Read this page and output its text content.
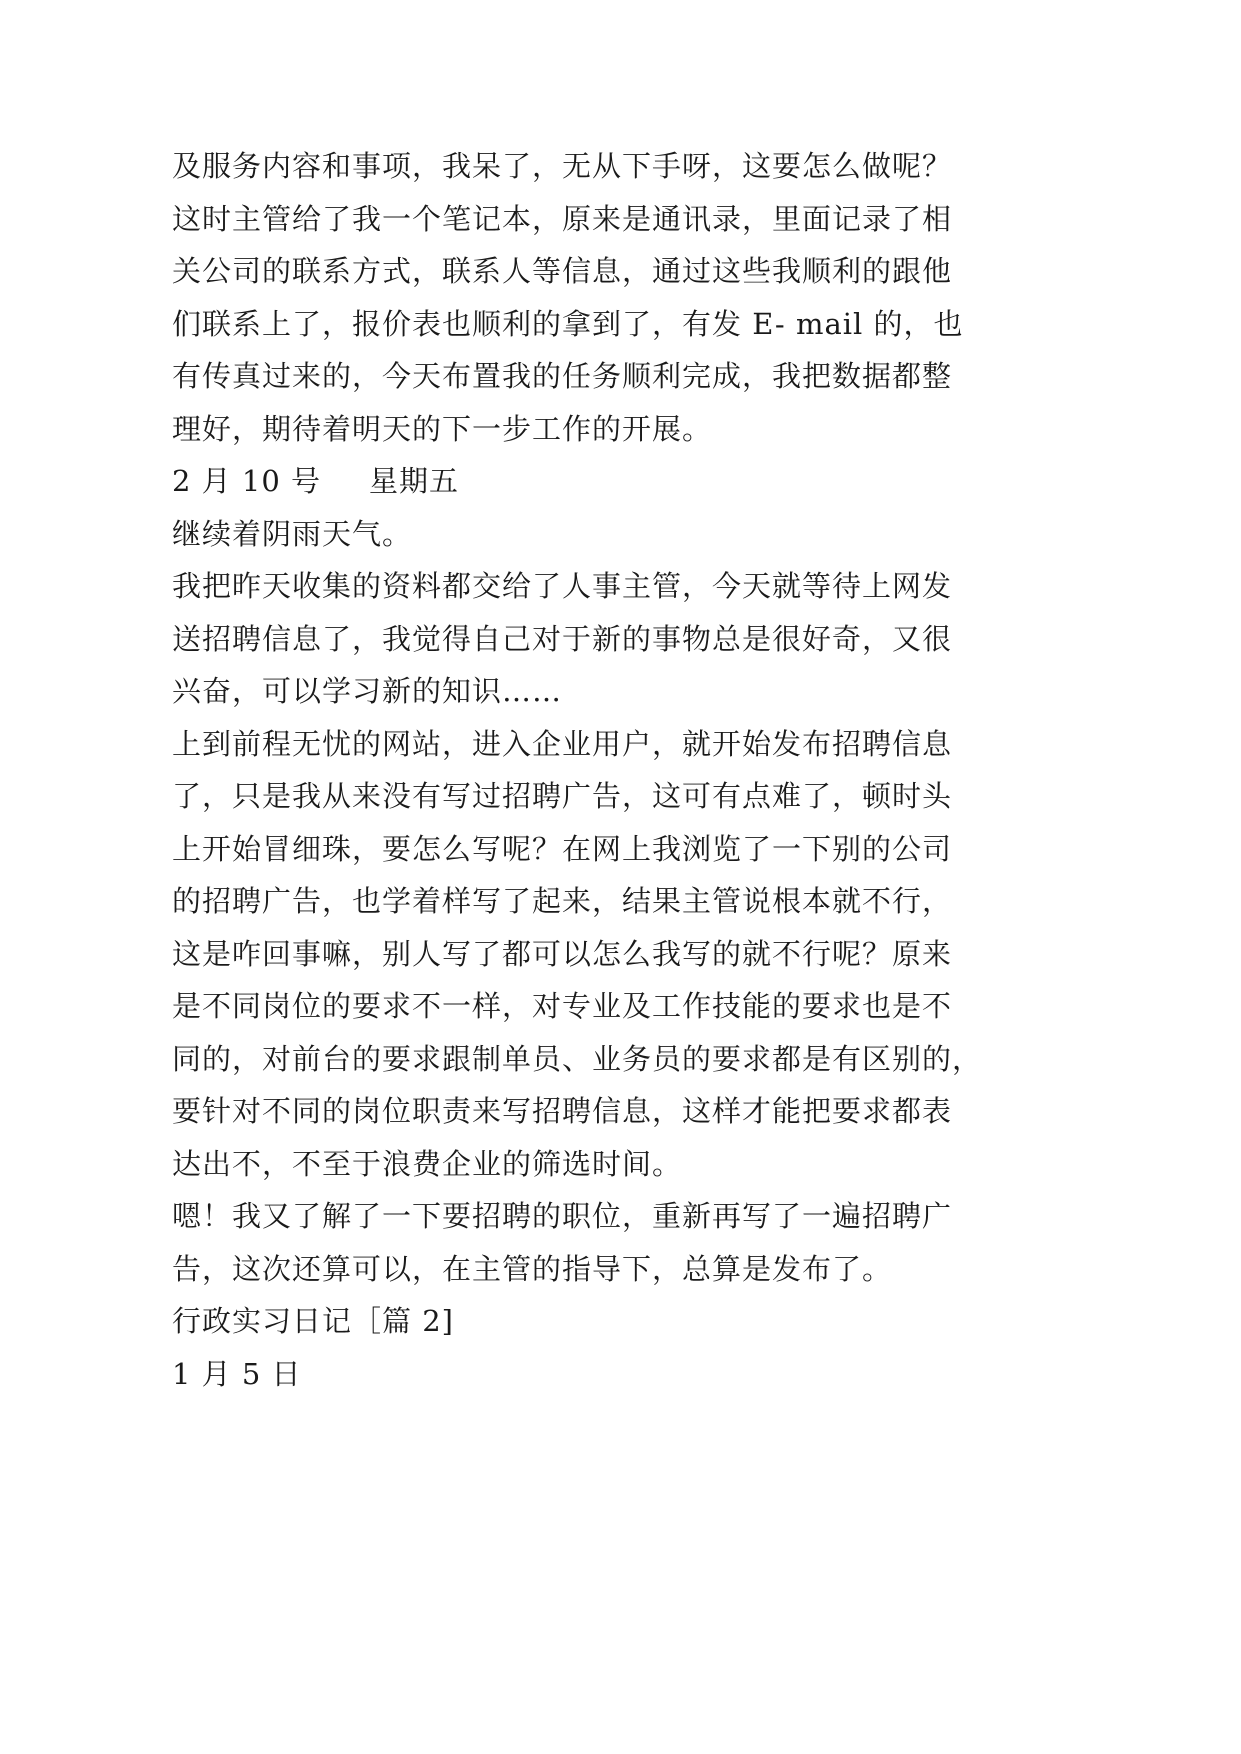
及服务内容和事项，我呆了，无从下手呀，这要怎么做呢？
这时主管给了我一个笔记本，原来是通讯录，里面记录了相
关公司的联系方式，联系人等信息，通过这些我顺利的跟他
们联系上了，报价表也顺利的拿到了，有发 E- mail 的，也
有传真过来的，今天布置我的任务顺利完成，我把数据都整
理好，期待着明天的下一步工作的开展。
2 月 10 号 星期五
继续着阴雨天气。
我把昨天收集的资料都交给了人事主管，今天就等待上网发
送招聘信息了，我觉得自己对于新的事物总是很好奇，又很
兴奋，可以学习新的知识……
上到前程无忧的网站，进入企业用户，就开始发布招聘信息
了，只是我从来没有写过招聘广告，这可有点难了，顿时头
上开始冒细珠，要怎么写呢？在网上我浏览了一下别的公司
的招聘广告，也学着样写了起来，结果主管说根本就不行，
这是咋回事嘛，别人写了都可以怎么我写的就不行呢？原来
是不同岗位的要求不一样，对专业及工作技能的要求也是不
同的，对前台的要求跟制单员、业务员的要求都是有区别的，
要针对不同的岗位职责来写招聘信息，这样才能把要求都表
达出不，不至于浪费企业的筛选时间。
嗯！我又了解了一下要招聘的职位，重新再写了一遍招聘广
告，这次还算可以，在主管的指导下，总算是发布了。
行政实习日记［篇 2]
1 月 5 日
